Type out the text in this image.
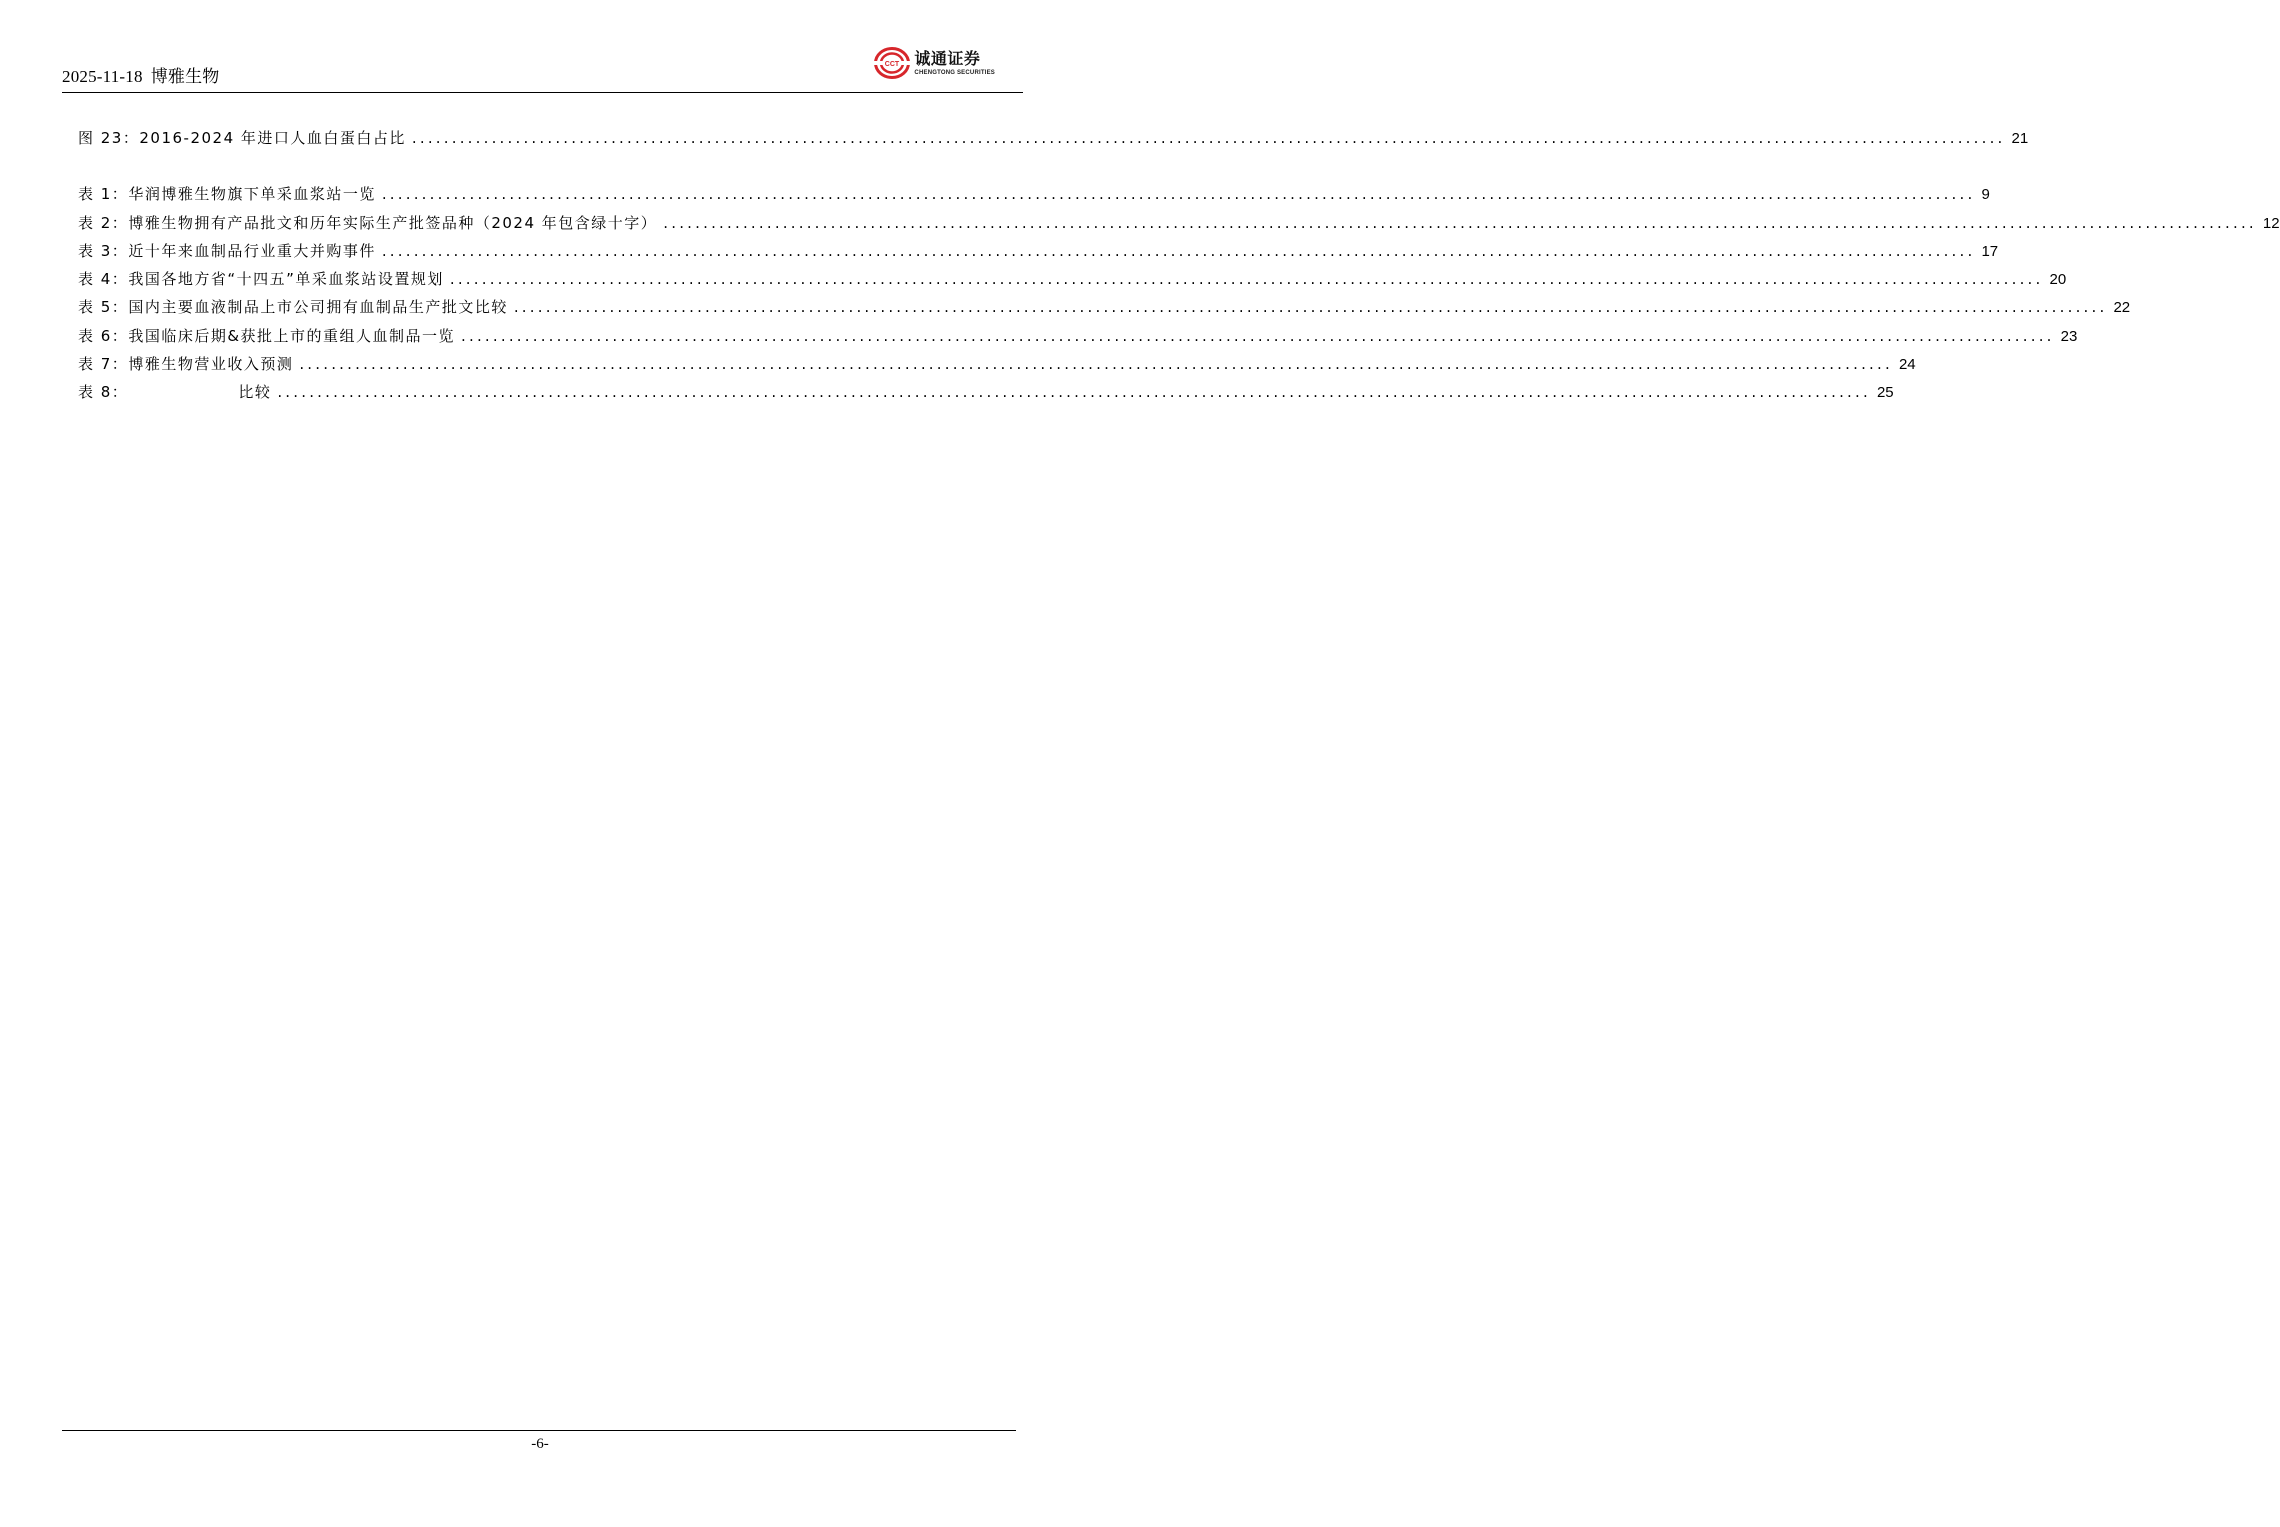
2025-11-18 博雅生物
CCT 诚通证券
CHENGTONG SECURITIES
图 23： 2016-2024 年进口人血白蛋白占比 ........................................................................................................................................................................................................ 21
表 1： 华润博雅生物旗下单采血浆站一览 ........................................................................................................................................................................................................ 9
表 2： 博雅生物拥有产品批文和历年实际生产批签品种（2024 年包含绿十字） ........................................................................................................................................................................................................ 12
表 3： 近十年来血制品行业重大并购事件 ........................................................................................................................................................................................................ 17
表 4： 我国各地方省“十四五”单采血浆站设置规划 ........................................................................................................................................................................................................ 20
表 5： 国内主要血液制品上市公司拥有血制品生产批文比较 ........................................................................................................................................................................................................ 22
表 6： 我国临床后期&获批上市的重组人血制品一览 ........................................................................................................................................................................................................ 23
表 7： 博雅生物营业收入预测 ........................................................................................................................................................................................................ 24
表 8：	比较 ........................................................................................................................................................................................................ 25
-6-
